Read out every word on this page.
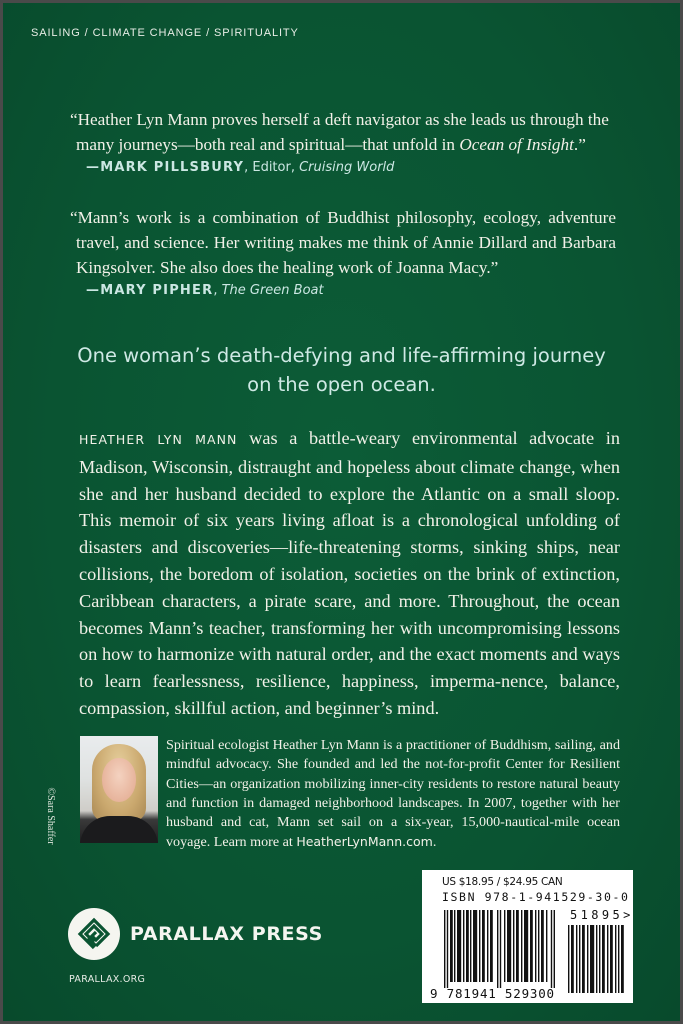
SAILING / CLIMATE CHANGE / SPIRITUALITY
“Heather Lyn Mann proves herself a deft navigator as she leads us through the many journeys—both real and spiritual—that unfold in Ocean of Insight.”
—MARK PILLSBURY, Editor, Cruising World
“Mann’s work is a combination of Buddhist philosophy, ecology, adventure travel, and science. Her writing makes me think of Annie Dillard and Barbara Kingsolver. She also does the healing work of Joanna Macy.”
—MARY PIPHER, The Green Boat
One woman’s death-defying and life-affirming journey on the open ocean.
HEATHER LYN MANN was a battle-weary environmental advocate in Madison, Wisconsin, distraught and hopeless about climate change, when she and her husband decided to explore the Atlantic on a small sloop. This memoir of six years living afloat is a chronological unfolding of disasters and discoveries—life-threatening storms, sinking ships, near collisions, the boredom of isolation, societies on the brink of extinction, Caribbean characters, a pirate scare, and more. Throughout, the ocean becomes Mann’s teacher, transforming her with uncompromising lessons on how to harmonize with natural order, and the exact moments and ways to learn fearlessness, resilience, happiness, imperma-nence, balance, compassion, skillful action, and beginner’s mind.
©Sara Shaffer
Spiritual ecologist Heather Lyn Mann is a practitioner of Buddhism, sailing, and mindful advocacy. She founded and led the not-for-profit Center for Resilient Cities—an organization mobilizing inner-city residents to restore natural beauty and function in damaged neighborhood landscapes. In 2007, together with her husband and cat, Mann set sail on a six-year, 15,000-nautical-mile ocean voyage. Learn more at HeatherLynMann.com.
PARALLAX PRESS
PARALLAX.ORG
US $18.95 / $24.95 CAN
ISBN 978-1-941529-30-0
51895>
9 781941 529300
